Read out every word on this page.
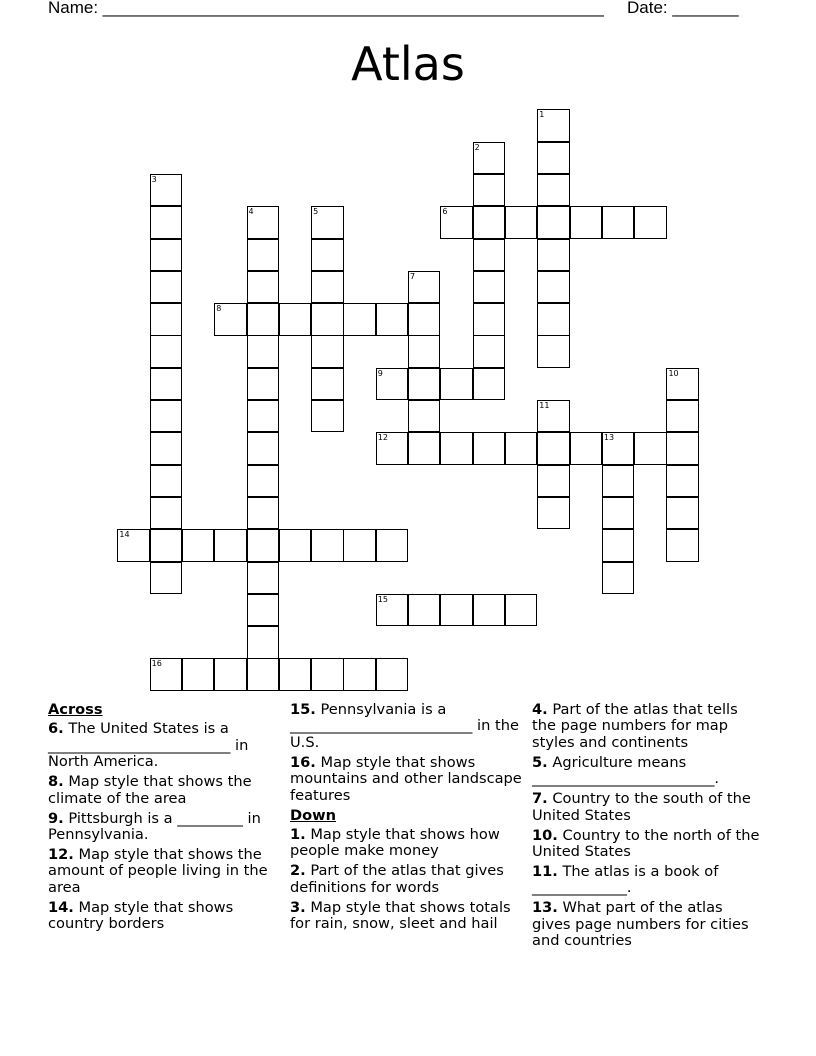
Name: _____________________________________________________ Date: _______
Atlas
1
2
3
4	5	6
7
8
9	10
11
12	13
14
15
16
Across
6. The United States is a _________________________ in North America.
8. Map style that shows the climate of the area
9. Pittsburgh is a _________ in Pennsylvania.
12. Map style that shows the amount of people living in the area
14. Map style that shows country borders
15. Pennsylvania is a _________________________ in the U.S.
16. Map style that shows mountains and other landscape features
Down
1. Map style that shows how people make money
2. Part of the atlas that gives definitions for words
3. Map style that shows totals for rain, snow, sleet and hail
4. Part of the atlas that tells the page numbers for map styles and continents
5. Agriculture means _________________________.
7. Country to the south of the United States
10. Country to the north of the United States
11. The atlas is a book of _____________.
13. What part of the atlas gives page numbers for cities and countries
